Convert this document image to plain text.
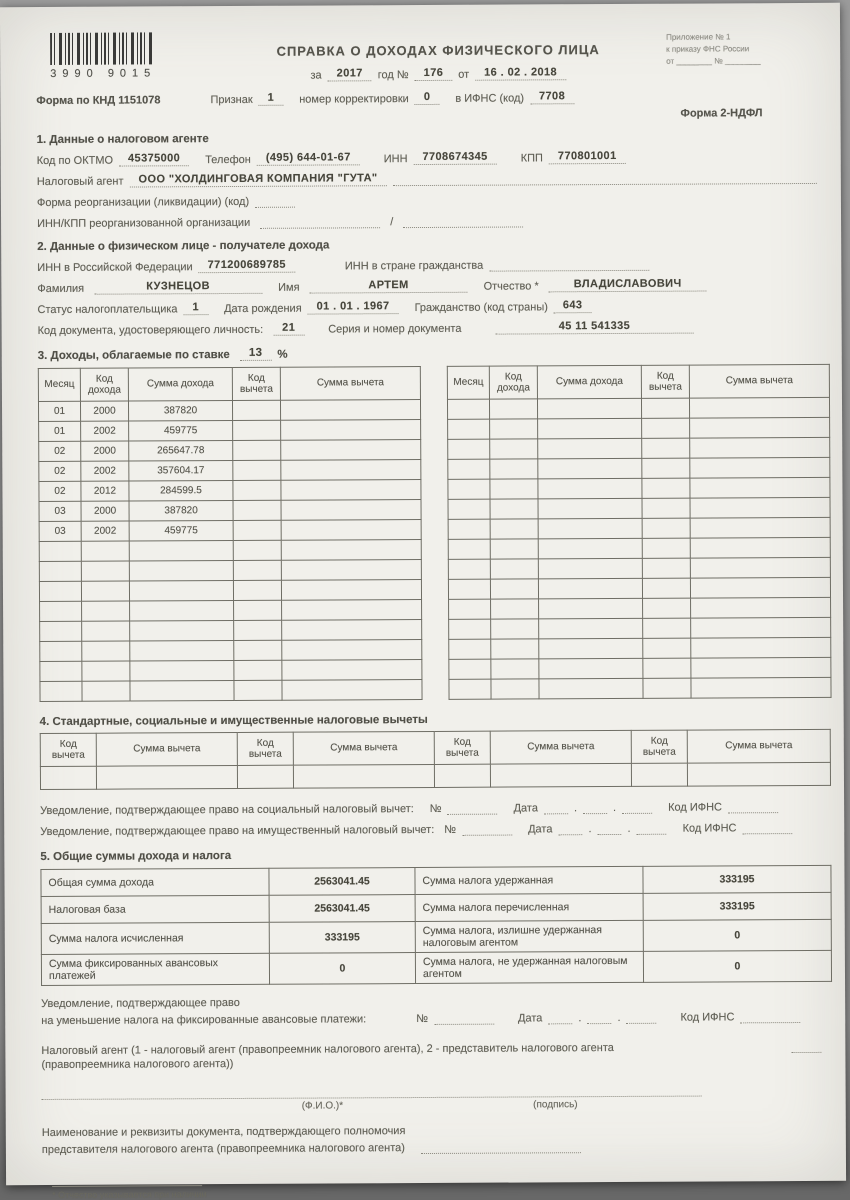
3990 9015
СПРАВКА О ДОХОДАХ ФИЗИЧЕСКОГО ЛИЦА
за	2017	год №	176	от	16 . 02 . 2018
Приложение № 1
к приказу ФНС России
от ________ № ________
Форма по КНД 1151078	Признак	1	номер корректировки	0	в ИФНС (код)	7708
Форма 2-НДФЛ
1. Данные о налоговом агенте
Код по ОКТМО	45375000	Телефон	(495) 644-01-67	ИНН	7708674345	КПП	770801001
Налоговый агент	ООО "ХОЛДИНГОВАЯ КОМПАНИЯ "ГУТА"
Форма реорганизации (ликвидации) (код)
ИНН/КПП реорганизованной организации	/
2. Данные о физическом лице - получателе дохода
ИНН в Российской Федерации	771200689785	ИНН в стране гражданства
Фамилия	КУЗНЕЦОВ	Имя	АРТЕМ	Отчество *	ВЛАДИСЛАВОВИЧ
Статус налогоплательщика	1	Дата рождения	01 . 01 . 1967	Гражданство (код страны)	643
Код документа, удостоверяющего личность:	21	Серия и номер документа	45 11 541335
3. Доходы, облагаемые по ставке	13	%
Месяц	Код дохода	Сумма дохода	Код вычета	Сумма вычета
01	2000	387820		
01	2002	459775		
02	2000	265647.78		
02	2002	357604.17		
02	2012	284599.5		
03	2000	387820		
03	2002	459775		

Месяц	Код дохода	Сумма дохода	Код вычета	Сумма вычета

4. Стандартные, социальные и имущественные налоговые вычеты
Код вычета	Сумма вычета	Код вычета	Сумма вычета	Код вычета	Сумма вычета	Код вычета	Сумма вычета

Уведомление, подтверждающее право на социальный налоговый вычет: №	Дата	.	.	Код ИФНС
Уведомление, подтверждающее право на имущественный налоговый вычет: №	Дата	.	.	Код ИФНС
5. Общие суммы дохода и налога
Общая сумма дохода	2563041.45	Сумма налога удержанная	333195
Налоговая база	2563041.45	Сумма налога перечисленная	333195
Сумма налога исчисленная	333195	Сумма налога, излишне удержанная налоговым агентом	0
Сумма фиксированных авансовых платежей	0	Сумма налога, не удержанная налоговым агентом	0
Уведомление, подтверждающее право
на уменьшение налога на фиксированные авансовые платежи:	№	Дата	.	.	Код ИФНС
Налоговый агент (1 - налоговый агент (правопреемник налогового агента), 2 - представитель налогового агента
(правопреемника налогового агента))
(Ф.И.О.)*	(подпись)
Наименование и реквизиты документа, подтверждающего полномочия
представителя налогового агента (правопреемника налогового агента)
* Отчество указывается при наличии
